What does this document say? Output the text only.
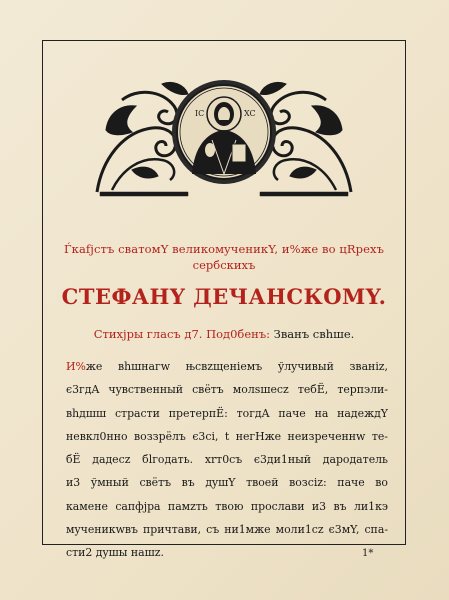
IC	XC
Ѓкаfjстъ сватомY великомyченикY, и%же во цRрехъ
сeрбскихъ
СТЕФАНY ДЕЧАНСКОМY.
Стихjры глaсъ д7. Под0бенъ: Звaнъ свhше.
И%же вhшнагw њсвzщeніемъ ўлyчивый звaніz,
є3гдA чyвственный свётъ молsшесz тебЁ, терпэли-
вhдшш страсти претерпЁ: тогдA пaче на надeждY
невкл0нно воззрёлъ є3сi, t нeгHже неизречeннw те-
бЁ дадeсz бlгодaть. хrт0съ є3ди1ный дародaтель
и3 ўмный свётъ въ дyшY твоeй возсіz: пaче во
кaмене сапфjра пaмzть твою прослaви и3 въ ли1кэ
мyченикwвъ причтaви, съ ни1мже моли1сz є3мY, спа-
сти2 дyшы нaшz.	1*
